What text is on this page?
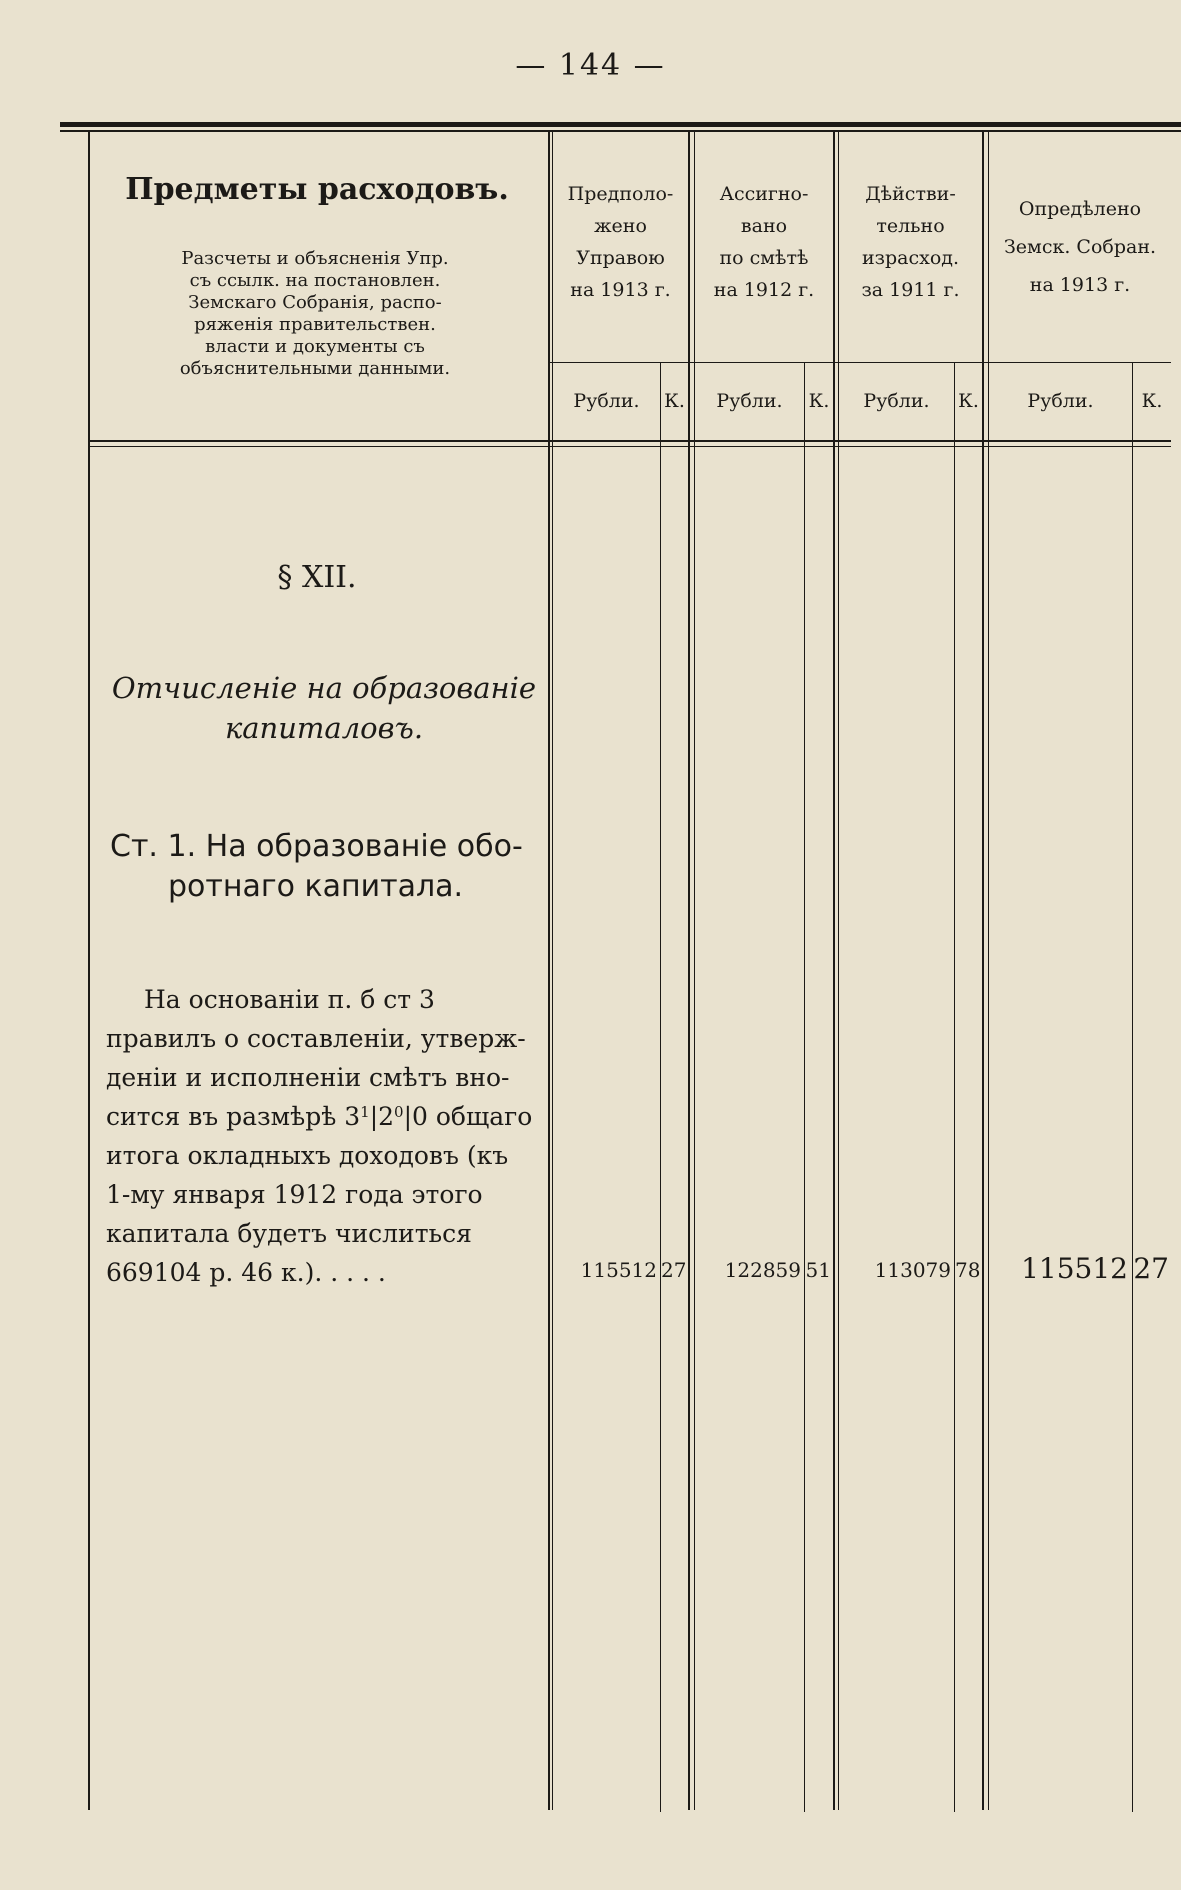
— 144 —
Предметы расходовъ.
Разсчеты и объясненія Упр.
съ ссылк. на постановлен.
Земскаго Собранія, распо-
ряженія правительствен.
власти и документы съ
объяснительными данными.
Предполо-
жено
Управою
на 1913 г.
Ассигно-
вано
по смѣтѣ
на 1912 г.
Дѣйстви-
тельно
израсход.
за 1911 г.
Опредѣлено
Земск. Собран.
на 1913 г.
Рубли.	К.	Рубли.	К.	Рубли.	К.	Рубли.	К.
§ XII.
Отчисленіе на образованіе
капиталовъ.
Ст. 1. На образованіе обо-
ротнаго капитала.
На основаніи п. б ст 3
правилъ о составленіи, утверж-
деніи и исполненіи смѣтъ вно-
сится въ размѣрѣ $3^1|2^0|0$ общаго
итога окладныхъ доходовъ (къ
1-му января 1912 года этого
капитала будетъ числиться
669104 р. 46 к.). . . . .	115512 27	122859 51	113079 78	115512 27
